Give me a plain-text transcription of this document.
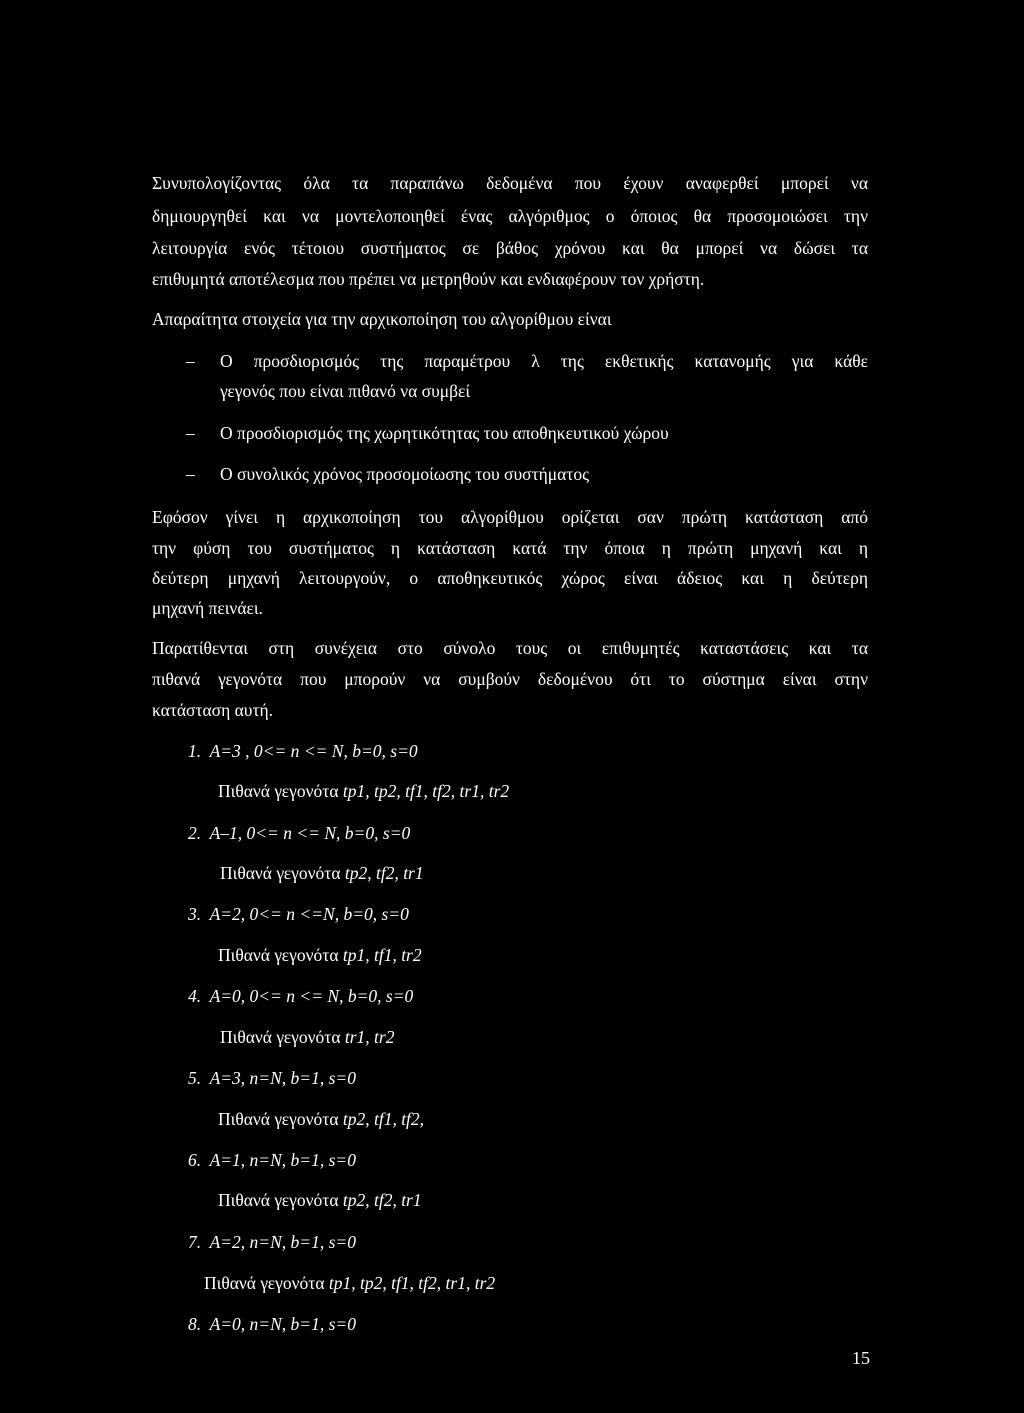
Συνυπολογίζοντας όλα τα παραπάνω δεδομένα που έχουν αναφερθεί μπορεί να
δημιουργηθεί και να μοντελοποιηθεί ένας αλγόριθμος ο όποιος θα προσομοιώσει την
λειτουργία ενός τέτοιου συστήματος σε βάθος χρόνου και θα μπορεί να δώσει τα
επιθυμητά αποτέλεσμα που πρέπει να μετρηθούν και ενδιαφέρουν τον χρήστη.
Απαραίτητα στοιχεία για την αρχικοποίηση του αλγορίθμου είναι
– Ο προσδιορισμός της παραμέτρου λ της εκθετικής κατανομής για κάθε
γεγονός που είναι πιθανό να συμβεί
– Ο προσδιορισμός της χωρητικότητας του αποθηκευτικού χώρου
– Ο συνολικός χρόνος προσομοίωσης του συστήματος
Εφόσον γίνει η αρχικοποίηση του αλγορίθμου ορίζεται σαν πρώτη κατάσταση από
την φύση του συστήματος η κατάσταση κατά την όποια η πρώτη μηχανή και η
δεύτερη μηχανή λειτουργούν, ο αποθηκευτικός χώρος είναι άδειος και η δεύτερη
μηχανή πεινάει.
Παρατίθενται στη συνέχεια στο σύνολο τους οι επιθυμητές καταστάσεις και τα
πιθανά γεγονότα που μπορούν να συμβούν δεδομένου ότι το σύστημα είναι στην
κατάσταση αυτή.
1. A=3 , 0<= n <= N, b=0, s=0
Πιθανά γεγονότα tp1, tp2, tf1, tf2, tr1, tr2
2. A–1, 0<= n <= N, b=0, s=0
Πιθανά γεγονότα tp2, tf2, tr1
3. A=2, 0<= n <=N, b=0, s=0
Πιθανά γεγονότα tp1, tf1, tr2
4. A=0, 0<= n <= N, b=0, s=0
Πιθανά γεγονότα tr1, tr2
5. A=3, n=N, b=1, s=0
Πιθανά γεγονότα tp2, tf1, tf2,
6. A=1, n=N, b=1, s=0
Πιθανά γεγονότα tp2, tf2, tr1
7. A=2, n=N, b=1, s=0
Πιθανά γεγονότα tp1, tp2, tf1, tf2, tr1, tr2
8. A=0, n=N, b=1, s=0
15
